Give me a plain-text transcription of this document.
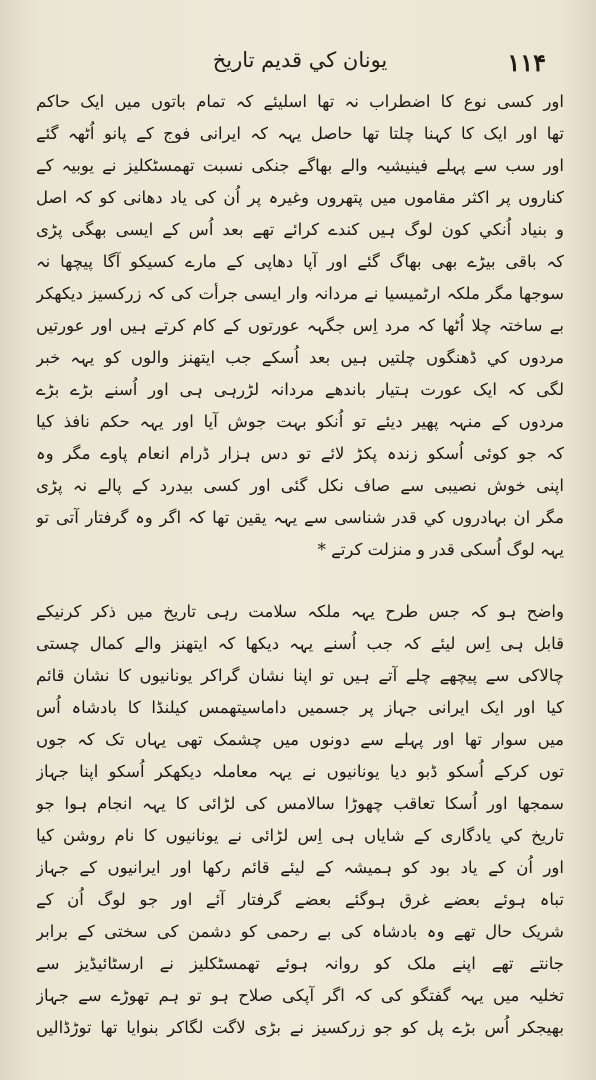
۱۱۴
یونان کي قدیم تاریخ
اور کسی نوع کا اضطراب نہ تھا اسلیئے کہ تمام باتوں میں ایک حاکم
تھا اور ایک کا کہنا چلتا تھا حاصل یہہ کہ ایرانی فوج کے پانو اُٹھہ گئے
اور سب سے پہلے فینیشیہ والے بھاگے جنکی نسبت تھمسٹکلیز نے یوبیہ کے
کناروں پر اکثر مقاموں میں پتھروں وغیرہ پر اُن کی یاد دھانی کو کہ اصل
و بنیاد اُنکي کون لوگ ہیں کندے کرائے تھے بعد اُس کے ایسی بھگی پڑی
کہ باقی بیڑے بھی بھاگ گئے اور آپا دھاپی کے مارے کسیکو آگا پیچھا نہ
سوجھا مگر ملکہ ارٹمیسیا نے مردانہ وار ایسی جرأت کی کہ زرکسیز دیکھکر
بے ساختہ چلا اُٹھا کہ مرد اِس جگہہ عورتوں کے کام کرتے ہیں اور عورتیں
مردوں کي ڈھنگوں چلتیں ہیں بعد اُسکے جب ایتھنز والوں کو یہہ خبر
لگی کہ ایک عورت ہتیار باندھے مردانہ لڑرہی ہی اور اُسنے بڑے بڑے
مردوں کے منہہ پھیر دیئے تو اُنکو بہت جوش آیا اور یہہ حکم نافذ کیا
کہ جو کوئی اُسکو زندہ پکڑ لائے تو دس ہزار ڈرام انعام پاوے مگر وہ
اپنی خوش نصیبی سے صاف نکل گئی اور کسی بیدرد کے پالے نہ پڑی
مگر ان بہادروں کي قدر شناسی سے یہہ یقین تھا کہ اگر وہ گرفتار آتی تو
یہہ لوگ اُسکی قدر و منزلت کرتے *
واضح ہو کہ جس طرح یہہ ملکہ سلامت رہی تاریخ میں ذکر کرنیکے
قابل ہی اِس لیئے کہ جب اُسنے یہہ دیکھا کہ ایتھنز والے کمال چستی
چالاکی سے پیچھے چلے آتے ہیں تو اپنا نشان گراکر یونانیوں کا نشان قائم
کیا اور ایک ایرانی جہاز پر جسمیں داماسیتھمس کیلنڈا کا بادشاہ اُس
میں سوار تھا اور پہلے سے دونوں میں چشمک تھی یہاں تک کہ جوں
توں کرکے اُسکو ڈبو دیا یونانیوں نے یہہ معاملہ دیکھکر اُسکو اپنا جہاز
سمجھا اور اُسکا تعاقب چھوڑا سالامس کی لڑائی کا یہہ انجام ہوا جو
تاریخ کي یادگاری کے شایاں ہی اِس لڑائی نے یونانیوں کا نام روشن کیا
اور اُن کے یاد بود کو ہمیشہ کے لیئے قائم رکھا اور ایرانیوں کے جہاز
تباہ ہوئے بعضے غرق ہوگئے بعضے گرفتار آئے اور جو لوگ اُن کے
شریک حال تھے وہ بادشاہ کی بے رحمی کو دشمن کی سختی کے برابر
جانتے تھے اپنے ملک کو روانہ ہوئے تھمسٹکلیز نے ارسٹائیڈیز سے
تخلیہ میں یہہ گفتگو کی کہ اگر آپکی صلاح ہو تو ہم تھوڑے سے جہاز
بھیجکر اُس بڑے پل کو جو زرکسیز نے بڑی لاگت لگاکر بنوایا تھا توڑڈالیں
